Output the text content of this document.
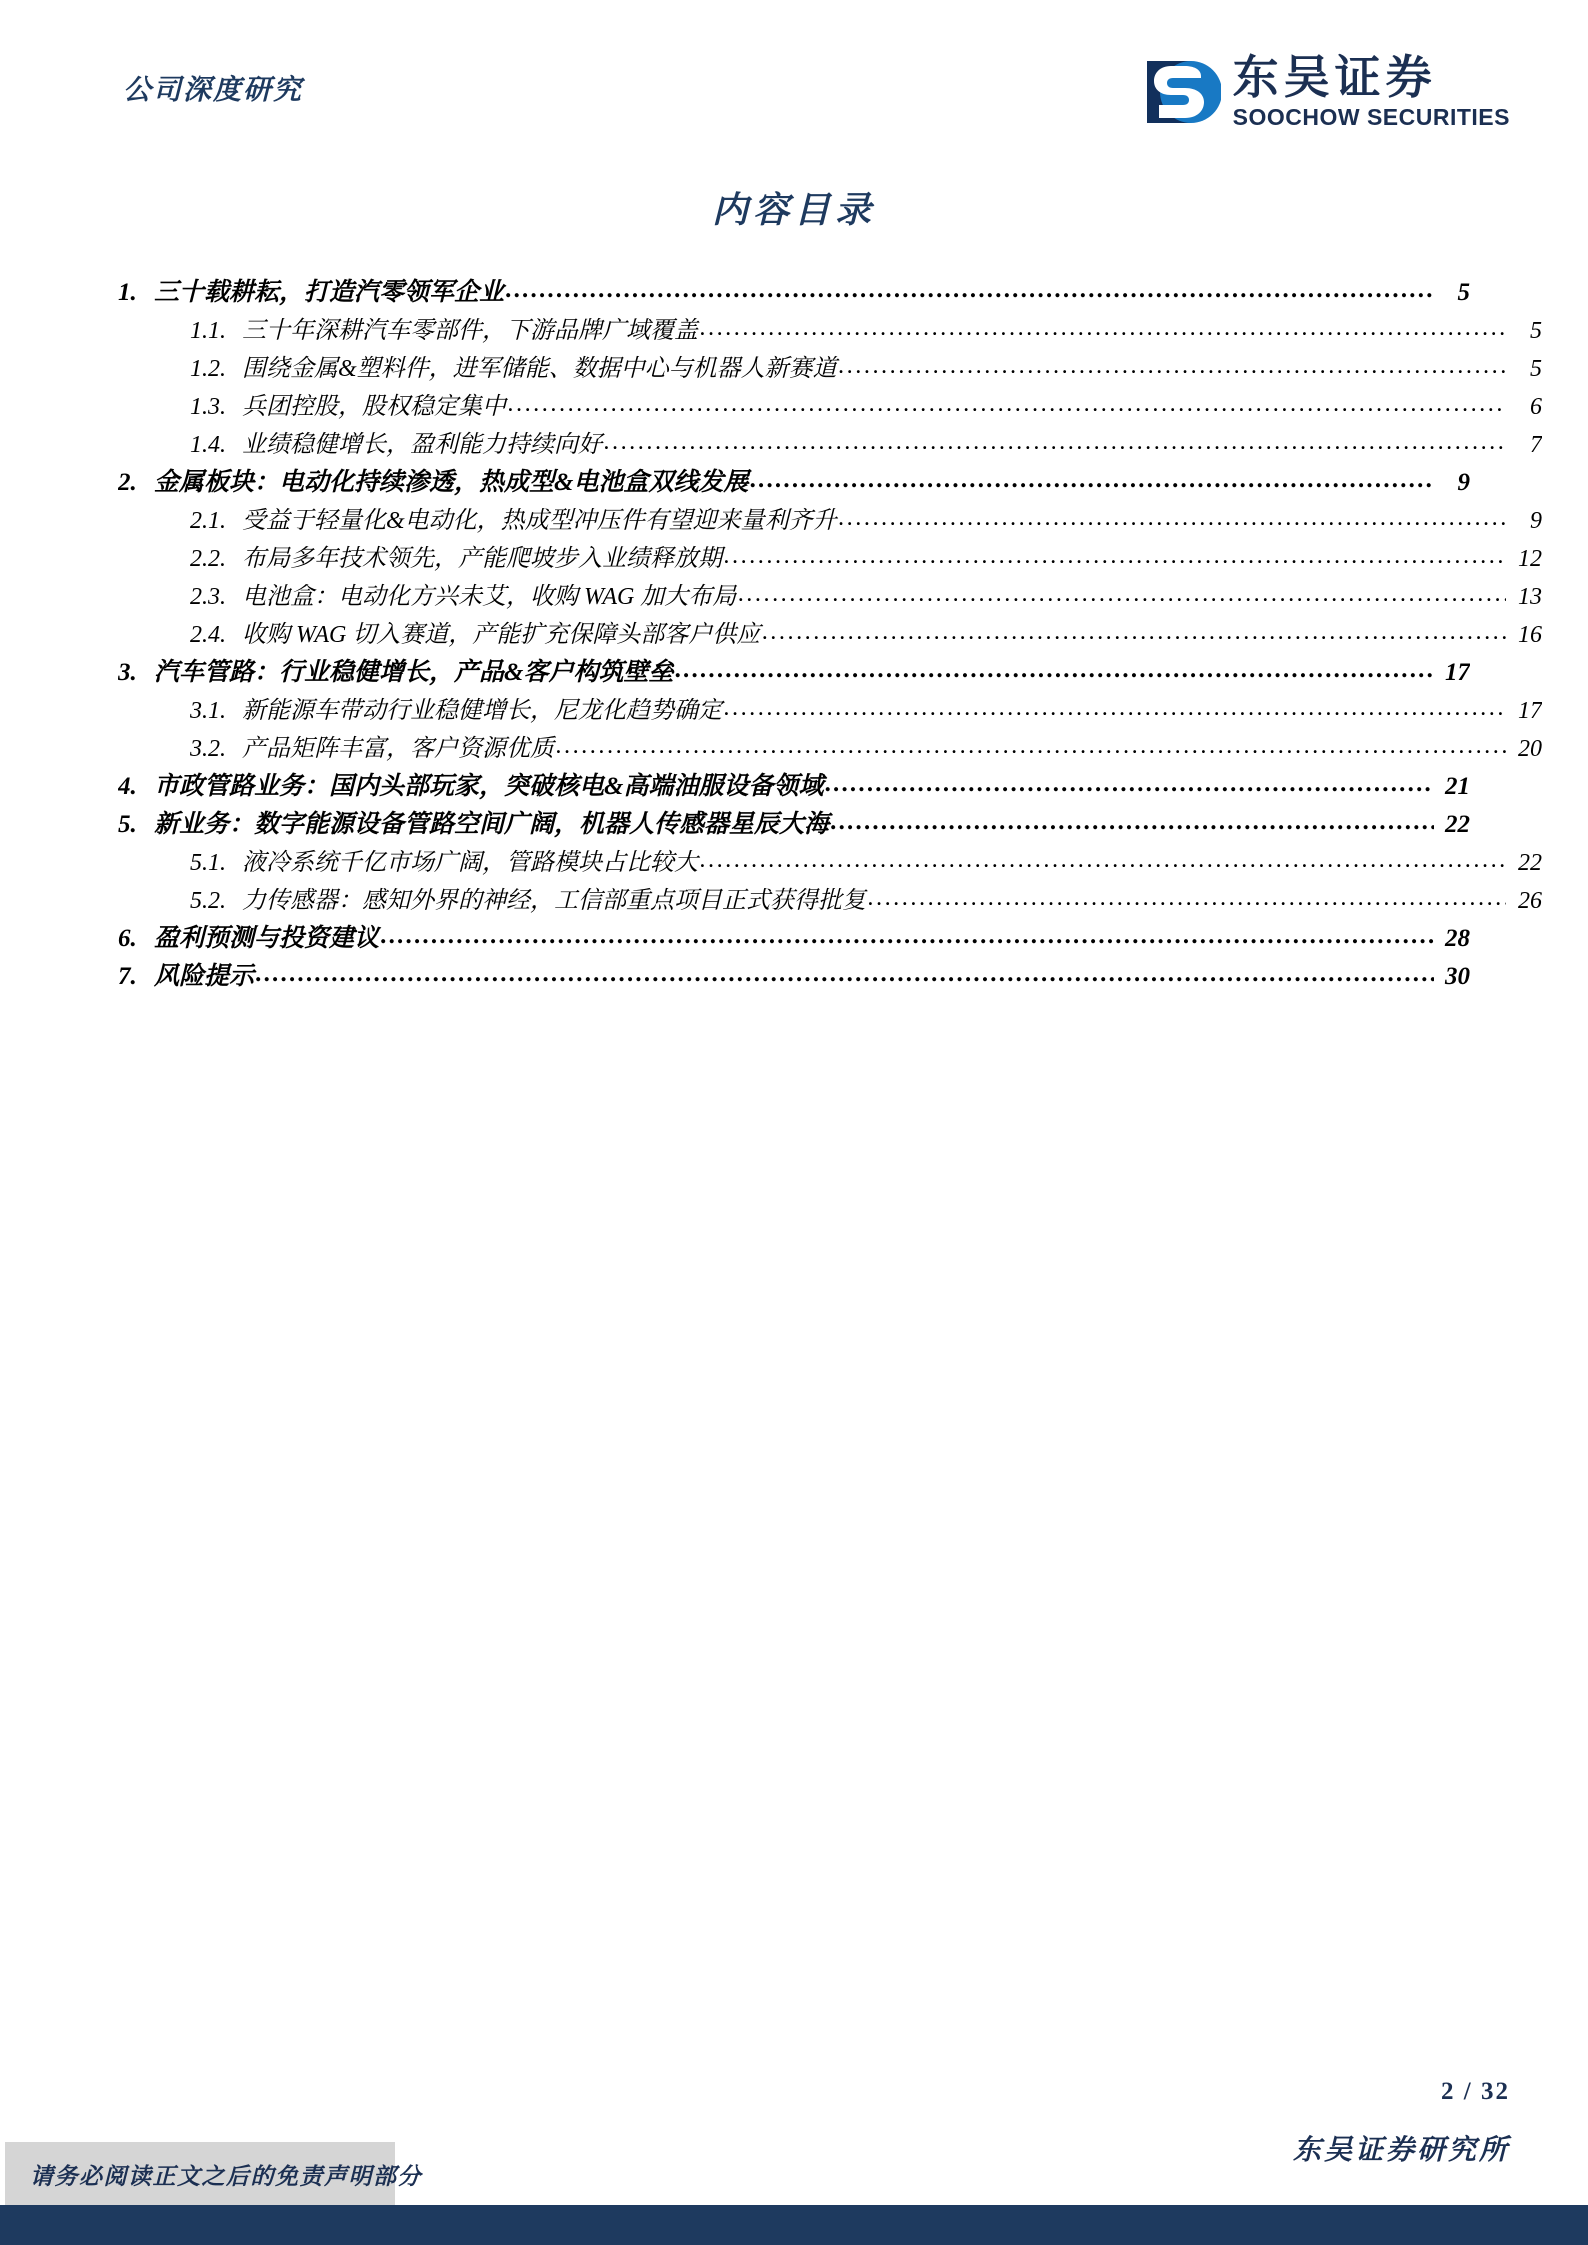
公司深度研究	东吴证券
SOOCHOW SECURITIES
内容目录
1. 三十载耕耘，打造汽零领军企业 .....	5
1.1. 三十年深耕汽车零部件，下游品牌广域覆盖 .....	5
1.2. 围绕金属&塑料件，进军储能、数据中心与机器人新赛道 .....	5
1.3. 兵团控股，股权稳定集中 .....	6
1.4. 业绩稳健增长，盈利能力持续向好 .....	7
2. 金属板块：电动化持续渗透，热成型&电池盒双线发展 .....	9
2.1. 受益于轻量化&电动化，热成型冲压件有望迎来量利齐升 .....	9
2.2. 布局多年技术领先，产能爬坡步入业绩释放期 .....	12
2.3. 电池盒：电动化方兴未艾，收购 WAG 加大布局 .....	13
2.4. 收购 WAG 切入赛道，产能扩充保障头部客户供应 .....	16
3. 汽车管路：行业稳健增长，产品&客户构筑壁垒 .....	17
3.1. 新能源车带动行业稳健增长，尼龙化趋势确定 .....	17
3.2. 产品矩阵丰富，客户资源优质 .....	20
4. 市政管路业务：国内头部玩家，突破核电&高端油服设备领域 .....	21
5. 新业务：数字能源设备管路空间广阔，机器人传感器星辰大海 .....	22
5.1. 液冷系统千亿市场广阔，管路模块占比较大 .....	22
5.2. 力传感器：感知外界的神经，工信部重点项目正式获得批复 .....	26
6. 盈利预测与投资建议 .....	28
7. 风险提示 .....	30
2 / 32
东吴证券研究所
请务必阅读正文之后的免责声明部分
